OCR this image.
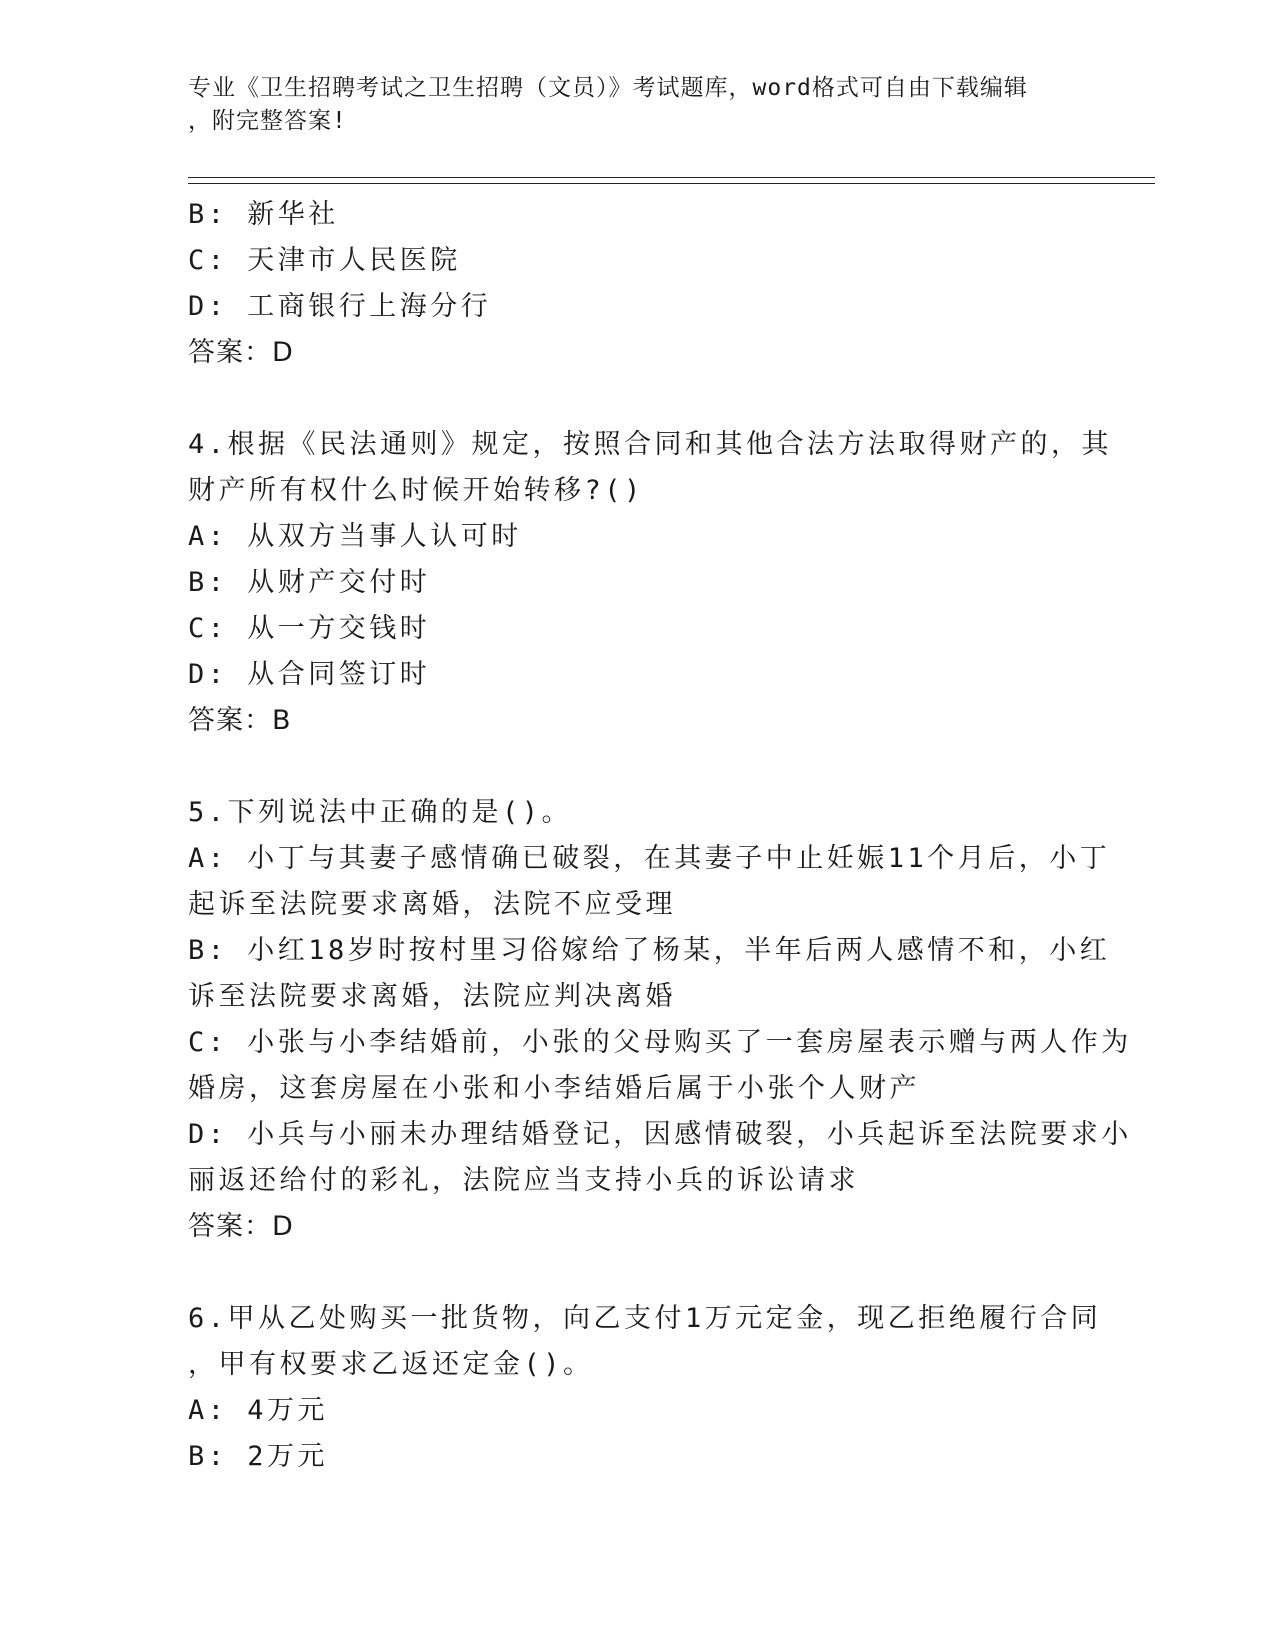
专业《卫生招聘考试之卫生招聘（文员）》考试题库，word格式可自由下载编辑
，附完整答案!
B: 新华社
C: 天津市人民医院
D: 工商银行上海分行
答案：D
4.根据《民法通则》规定，按照合同和其他合法方法取得财产的，其
财产所有权什么时候开始转移?()
A: 从双方当事人认可时
B: 从财产交付时
C: 从一方交钱时
D: 从合同签订时
答案：B
5.下列说法中正确的是()。
A: 小丁与其妻子感情确已破裂，在其妻子中止妊娠11个月后，小丁
起诉至法院要求离婚，法院不应受理
B: 小红18岁时按村里习俗嫁给了杨某，半年后两人感情不和，小红
诉至法院要求离婚，法院应判决离婚
C: 小张与小李结婚前，小张的父母购买了一套房屋表示赠与两人作为
婚房，这套房屋在小张和小李结婚后属于小张个人财产
D: 小兵与小丽未办理结婚登记，因感情破裂，小兵起诉至法院要求小
丽返还给付的彩礼，法院应当支持小兵的诉讼请求
答案：D
6.甲从乙处购买一批货物，向乙支付1万元定金，现乙拒绝履行合同
，甲有权要求乙返还定金()。
A: 4万元
B: 2万元
